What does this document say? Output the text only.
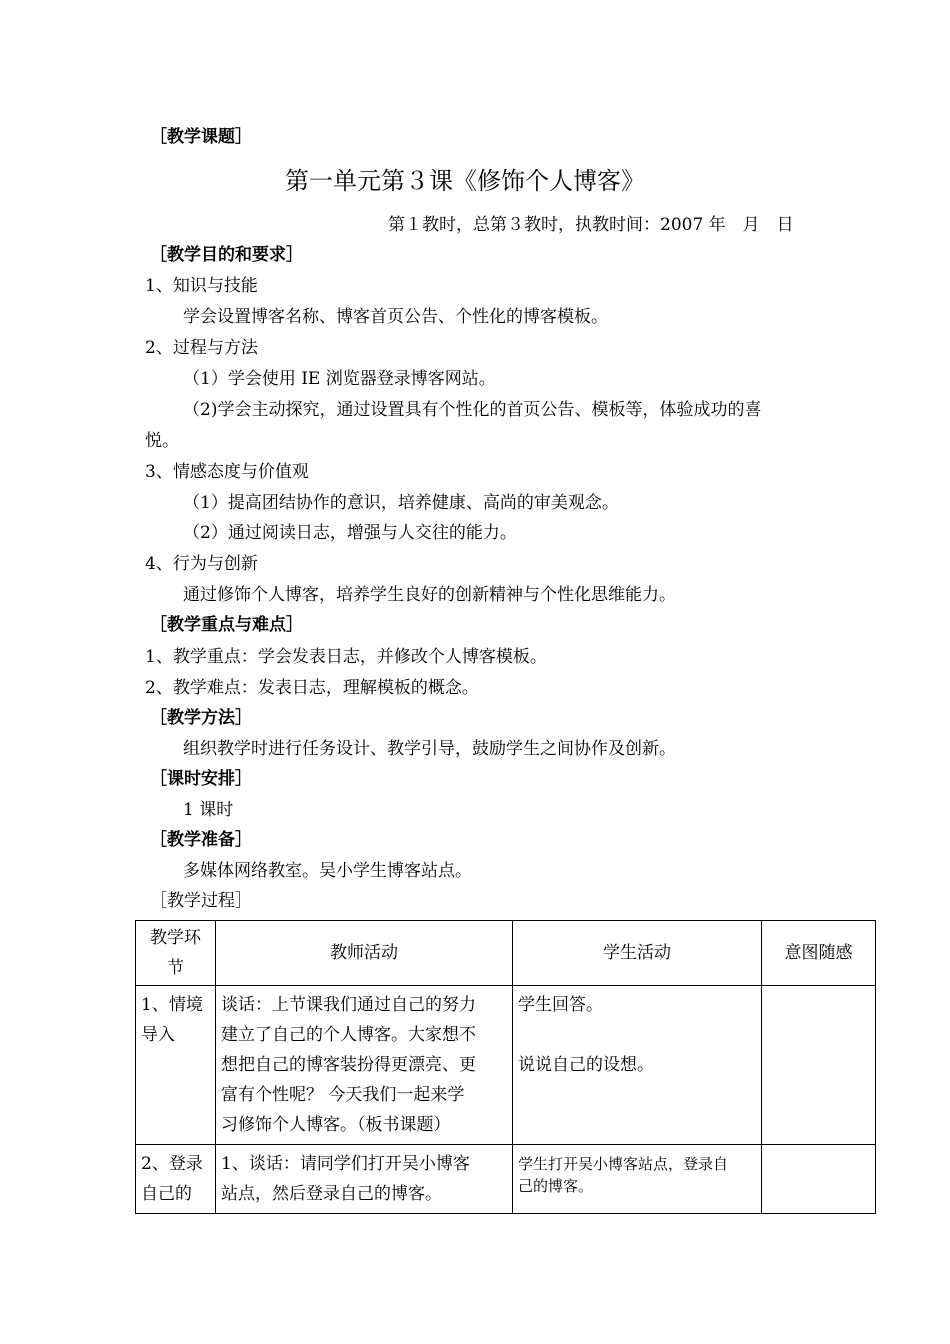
［教学课题］
第一单元第３课《修饰个人博客》
第１教时，总第３教时，执教时间：2007 年　月　日
［教学目的和要求］
1、知识与技能
学会设置博客名称、博客首页公告、个性化的博客模板。
2、过程与方法
（1）学会使用 IE 浏览器登录博客网站。
（2)学会主动探究，通过设置具有个性化的首页公告、模板等，体验成功的喜
悦。
3、情感态度与价值观
（1）提高团结协作的意识，培养健康、高尚的审美观念。
（2）通过阅读日志，增强与人交往的能力。
4、行为与创新
通过修饰个人博客，培养学生良好的创新精神与个性化思维能力。
［教学重点与难点］
1、教学重点：学会发表日志，并修改个人博客模板。
2、教学难点：发表日志，理解模板的概念。
［教学方法］
组织教学时进行任务设计、教学引导，鼓励学生之间协作及创新。
［课时安排］
1 课时
［教学准备］
多媒体网络教室。吴小学生博客站点。
［教学过程］
教学环
节	教师活动	学生活动	意图随感

1、情境
导入	谈话：上节课我们通过自己的努力
建立了自己的个人博客。大家想不
想把自己的博客装扮得更漂亮、更
富有个性呢？ 今天我们一起来学
习修饰个人博客。（板书课题）	学生回答。
说说自己的设想。	

2、登录
自己的	1、谈话：请同学们打开吴小博客
站点，然后登录自己的博客。	学生打开吴小博客站点，登录自
己的博客。	
